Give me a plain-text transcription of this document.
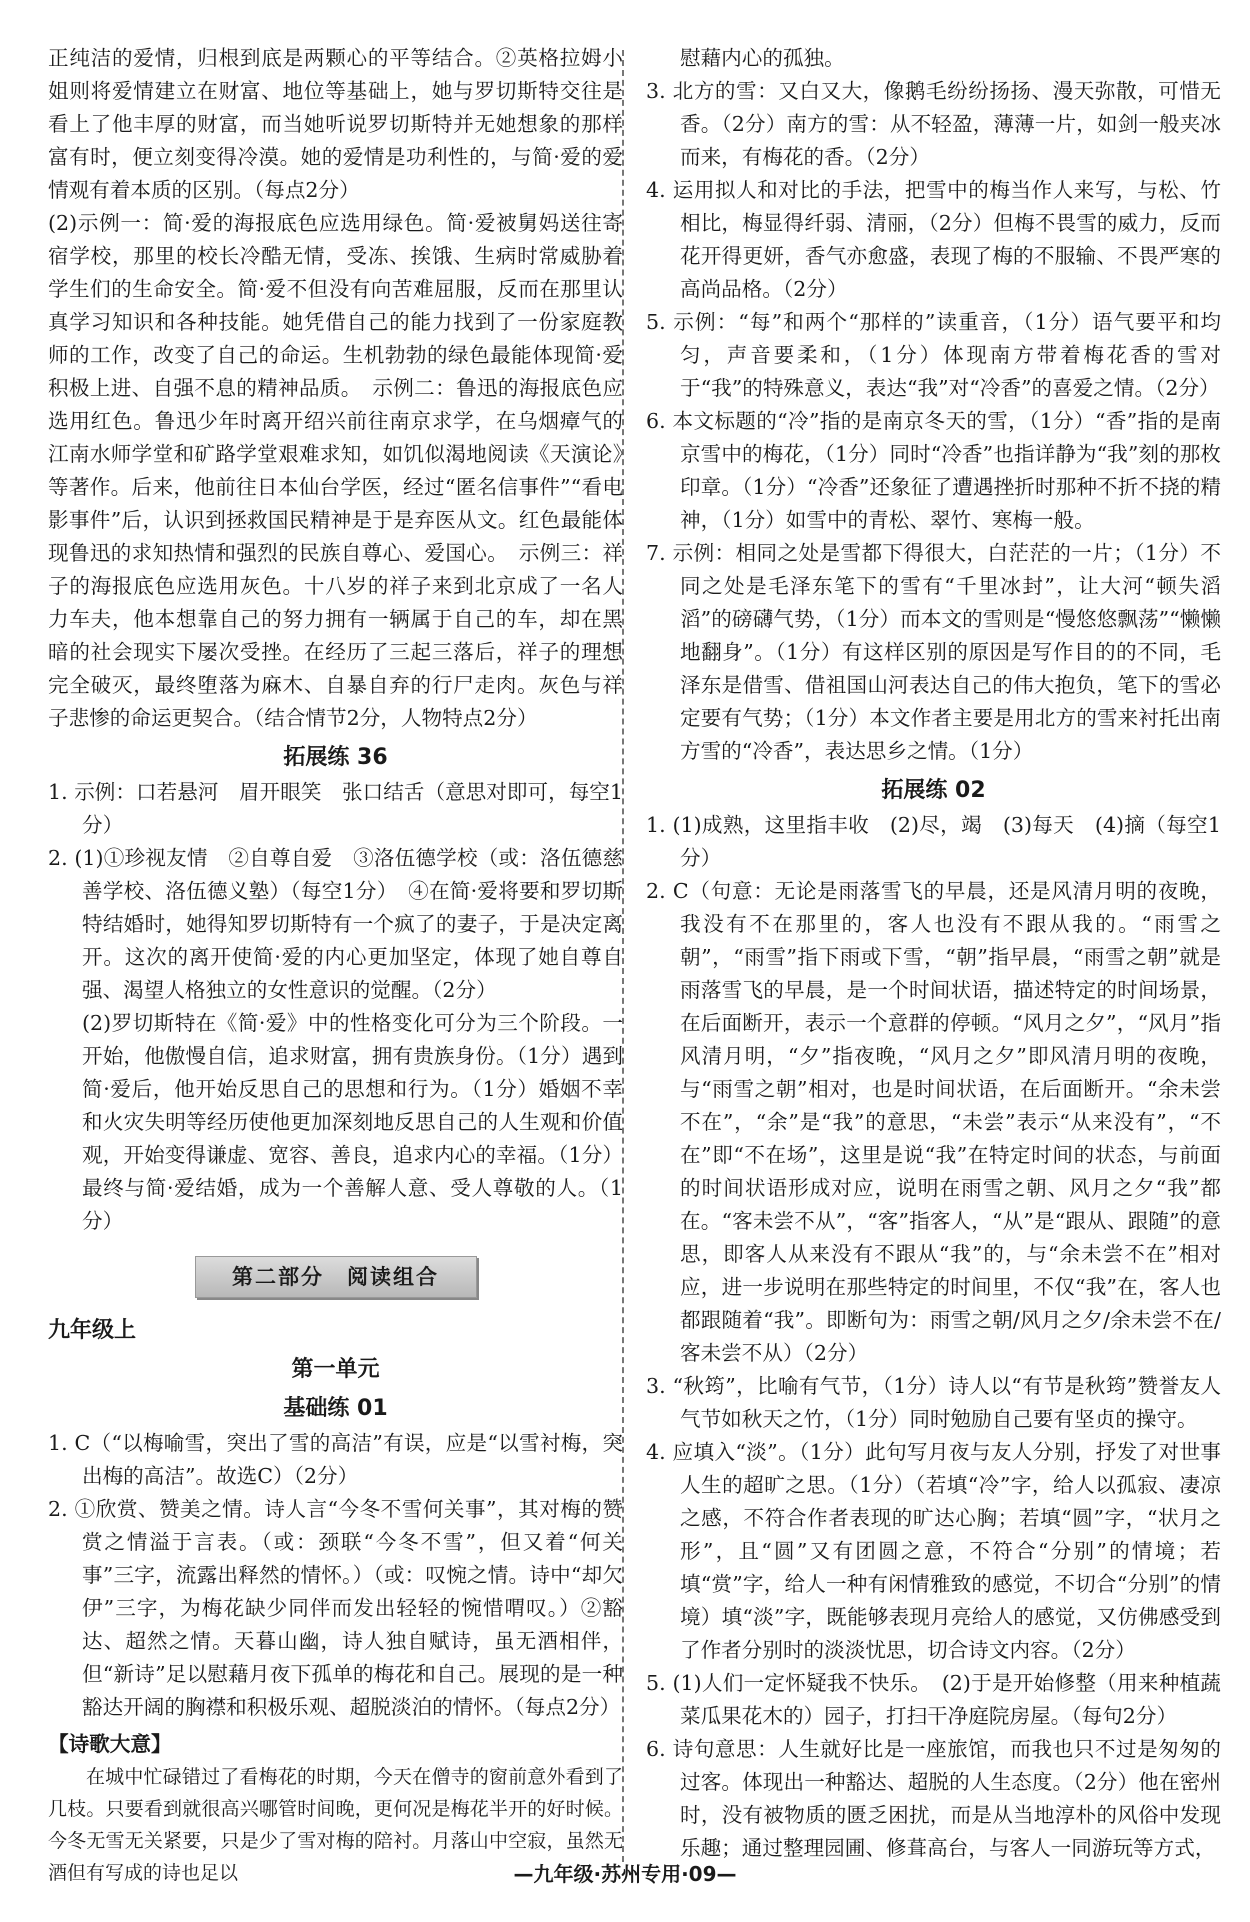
正纯洁的爱情，归根到底是两颗心的平等结合。②英格拉姆小姐则将爱情建立在财富、地位等基础上，她与罗切斯特交往是看上了他丰厚的财富，而当她听说罗切斯特并无她想象的那样富有时，便立刻变得冷漠。她的爱情是功利性的，与简·爱的爱情观有着本质的区别。（每点2分）

(2)示例一：简·爱的海报底色应选用绿色。简·爱被舅妈送往寄宿学校，那里的校长冷酷无情，受冻、挨饿、生病时常威胁着学生们的生命安全。简·爱不但没有向苦难屈服，反而在那里认真学习知识和各种技能。她凭借自己的能力找到了一份家庭教师的工作，改变了自己的命运。生机勃勃的绿色最能体现简·爱积极上进、自强不息的精神品质。　示例二：鲁迅的海报底色应选用红色。鲁迅少年时离开绍兴前往南京求学，在乌烟瘴气的江南水师学堂和矿路学堂艰难求知，如饥似渴地阅读《天演论》等著作。后来，他前往日本仙台学医，经过“匿名信事件”“看电影事件”后，认识到拯救国民精神是于是弃医从文。红色最能体现鲁迅的求知热情和强烈的民族自尊心、爱国心。　示例三：祥子的海报底色应选用灰色。十八岁的祥子来到北京成了一名人力车夫，他本想靠自己的努力拥有一辆属于自己的车，却在黑暗的社会现实下屡次受挫。在经历了三起三落后，祥子的理想完全破灭，最终堕落为麻木、自暴自弃的行尸走肉。灰色与祥子悲惨的命运更契合。（结合情节2分，人物特点2分）

拓展练 36

1. 示例：口若悬河　眉开眼笑　张口结舌（意思对即可，每空1分）

2. (1)①珍视友情　②自尊自爱　③洛伍德学校（或：洛伍德慈善学校、洛伍德义塾）（每空1分）　④在简·爱将要和罗切斯特结婚时，她得知罗切斯特有一个疯了的妻子，于是决定离开。这次的离开使简·爱的内心更加坚定，体现了她自尊自强、渴望人格独立的女性意识的觉醒。（2分）

(2)罗切斯特在《简·爱》中的性格变化可分为三个阶段。一开始，他傲慢自信，追求财富，拥有贵族身份。（1分）遇到简·爱后，他开始反思自己的思想和行为。（1分）婚姻不幸和火灾失明等经历使他更加深刻地反思自己的人生观和价值观，开始变得谦虚、宽容、善良，追求内心的幸福。（1分）最终与简·爱结婚，成为一个善解人意、受人尊敬的人。（1分）

第二部分　阅读组合
九年级上
第一单元
基础练 01

1. C（“以梅喻雪，突出了雪的高洁”有误，应是“以雪衬梅，突出梅的高洁”。故选C）（2分）

2. ①欣赏、赞美之情。诗人言“今冬不雪何关事”，其对梅的赞赏之情溢于言表。（或：颈联“今冬不雪”，但又着“何关事”三字，流露出释然的情怀。）（或：叹惋之情。诗中“却欠伊”三字，为梅花缺少同伴而发出轻轻的惋惜喟叹。）②豁达、超然之情。天暮山幽，诗人独自赋诗，虽无酒相伴，但“新诗”足以慰藉月夜下孤单的梅花和自己。展现的是一种豁达开阔的胸襟和积极乐观、超脱淡泊的情怀。（每点2分）

【诗歌大意】

在城中忙碌错过了看梅花的时期，今天在僧寺的窗前意外看到了几枝。只要看到就很高兴哪管时间晚，更何况是梅花半开的好时候。今冬无雪无关紧要，只是少了雪对梅的陪衬。月落山中空寂，虽然无酒但有写成的诗也足以

慰藉内心的孤独。

3. 北方的雪：又白又大，像鹅毛纷纷扬扬、漫天弥散，可惜无香。（2分）南方的雪：从不轻盈，薄薄一片，如剑一般夹冰而来，有梅花的香。（2分）

4. 运用拟人和对比的手法，把雪中的梅当作人来写，与松、竹相比，梅显得纤弱、清丽，（2分）但梅不畏雪的威力，反而花开得更妍，香气亦愈盛，表现了梅的不服输、不畏严寒的高尚品格。（2分）

5. 示例：“每”和两个“那样的”读重音，（1分）语气要平和均匀，声音要柔和，（1分）体现南方带着梅花香的雪对于“我”的特殊意义，表达“我”对“冷香”的喜爱之情。（2分）

6. 本文标题的“冷”指的是南京冬天的雪，（1分）“香”指的是南京雪中的梅花，（1分）同时“冷香”也指详静为“我”刻的那枚印章。（1分）“冷香”还象征了遭遇挫折时那种不折不挠的精神，（1分）如雪中的青松、翠竹、寒梅一般。

7. 示例：相同之处是雪都下得很大，白茫茫的一片；（1分）不同之处是毛泽东笔下的雪有“千里冰封”，让大河“顿失滔滔”的磅礴气势，（1分）而本文的雪则是“慢悠悠飘荡”“懒懒地翻身”。（1分）有这样区别的原因是写作目的的不同，毛泽东是借雪、借祖国山河表达自己的伟大抱负，笔下的雪必定要有气势；（1分）本文作者主要是用北方的雪来衬托出南方雪的“冷香”，表达思乡之情。（1分）

拓展练 02

1. (1)成熟，这里指丰收　(2)尽，竭　(3)每天　(4)摘（每空1分）

2. C（句意：无论是雨落雪飞的早晨，还是风清月明的夜晚，我没有不在那里的，客人也没有不跟从我的。“雨雪之朝”，“雨雪”指下雨或下雪，“朝”指早晨，“雨雪之朝”就是雨落雪飞的早晨，是一个时间状语，描述特定的时间场景，在后面断开，表示一个意群的停顿。“风月之夕”，“风月”指风清月明，“夕”指夜晚，“风月之夕”即风清月明的夜晚，与“雨雪之朝”相对，也是时间状语，在后面断开。“余未尝不在”，“余”是“我”的意思，“未尝”表示“从来没有”，“不在”即“不在场”，这里是说“我”在特定时间的状态，与前面的时间状语形成对应，说明在雨雪之朝、风月之夕“我”都在。“客未尝不从”，“客”指客人，“从”是“跟从、跟随”的意思，即客人从来没有不跟从“我”的，与“余未尝不在”相对应，进一步说明在那些特定的时间里，不仅“我”在，客人也都跟随着“我”。即断句为：雨雪之朝/风月之夕/余未尝不在/客未尝不从）（2分）

3. “秋筠”，比喻有气节，（1分）诗人以“有节是秋筠”赞誉友人气节如秋天之竹，（1分）同时勉励自己要有坚贞的操守。

4. 应填入“淡”。（1分）此句写月夜与友人分别，抒发了对世事人生的超旷之思。（1分）（若填“冷”字，给人以孤寂、凄凉之感，不符合作者表现的旷达心胸；若填“圆”字，“状月之形”，且“圆”又有团圆之意，不符合“分别”的情境；若填“赏”字，给人一种有闲情雅致的感觉，不切合“分别”的情境）填“淡”字，既能够表现月亮给人的感觉，又仿佛感受到了作者分别时的淡淡忧思，切合诗文内容。（2分）

5. (1)人们一定怀疑我不快乐。　(2)于是开始修整（用来种植蔬菜瓜果花木的）园子，打扫干净庭院房屋。（每句2分）

6. 诗句意思：人生就好比是一座旅馆，而我也只不过是匆匆的过客。体现出一种豁达、超脱的人生态度。（2分）他在密州时，没有被物质的匮乏困扰，而是从当地淳朴的风俗中发现乐趣；通过整理园圃、修葺高台，与客人一同游玩等方式，

—九年级·苏州专用·09—
